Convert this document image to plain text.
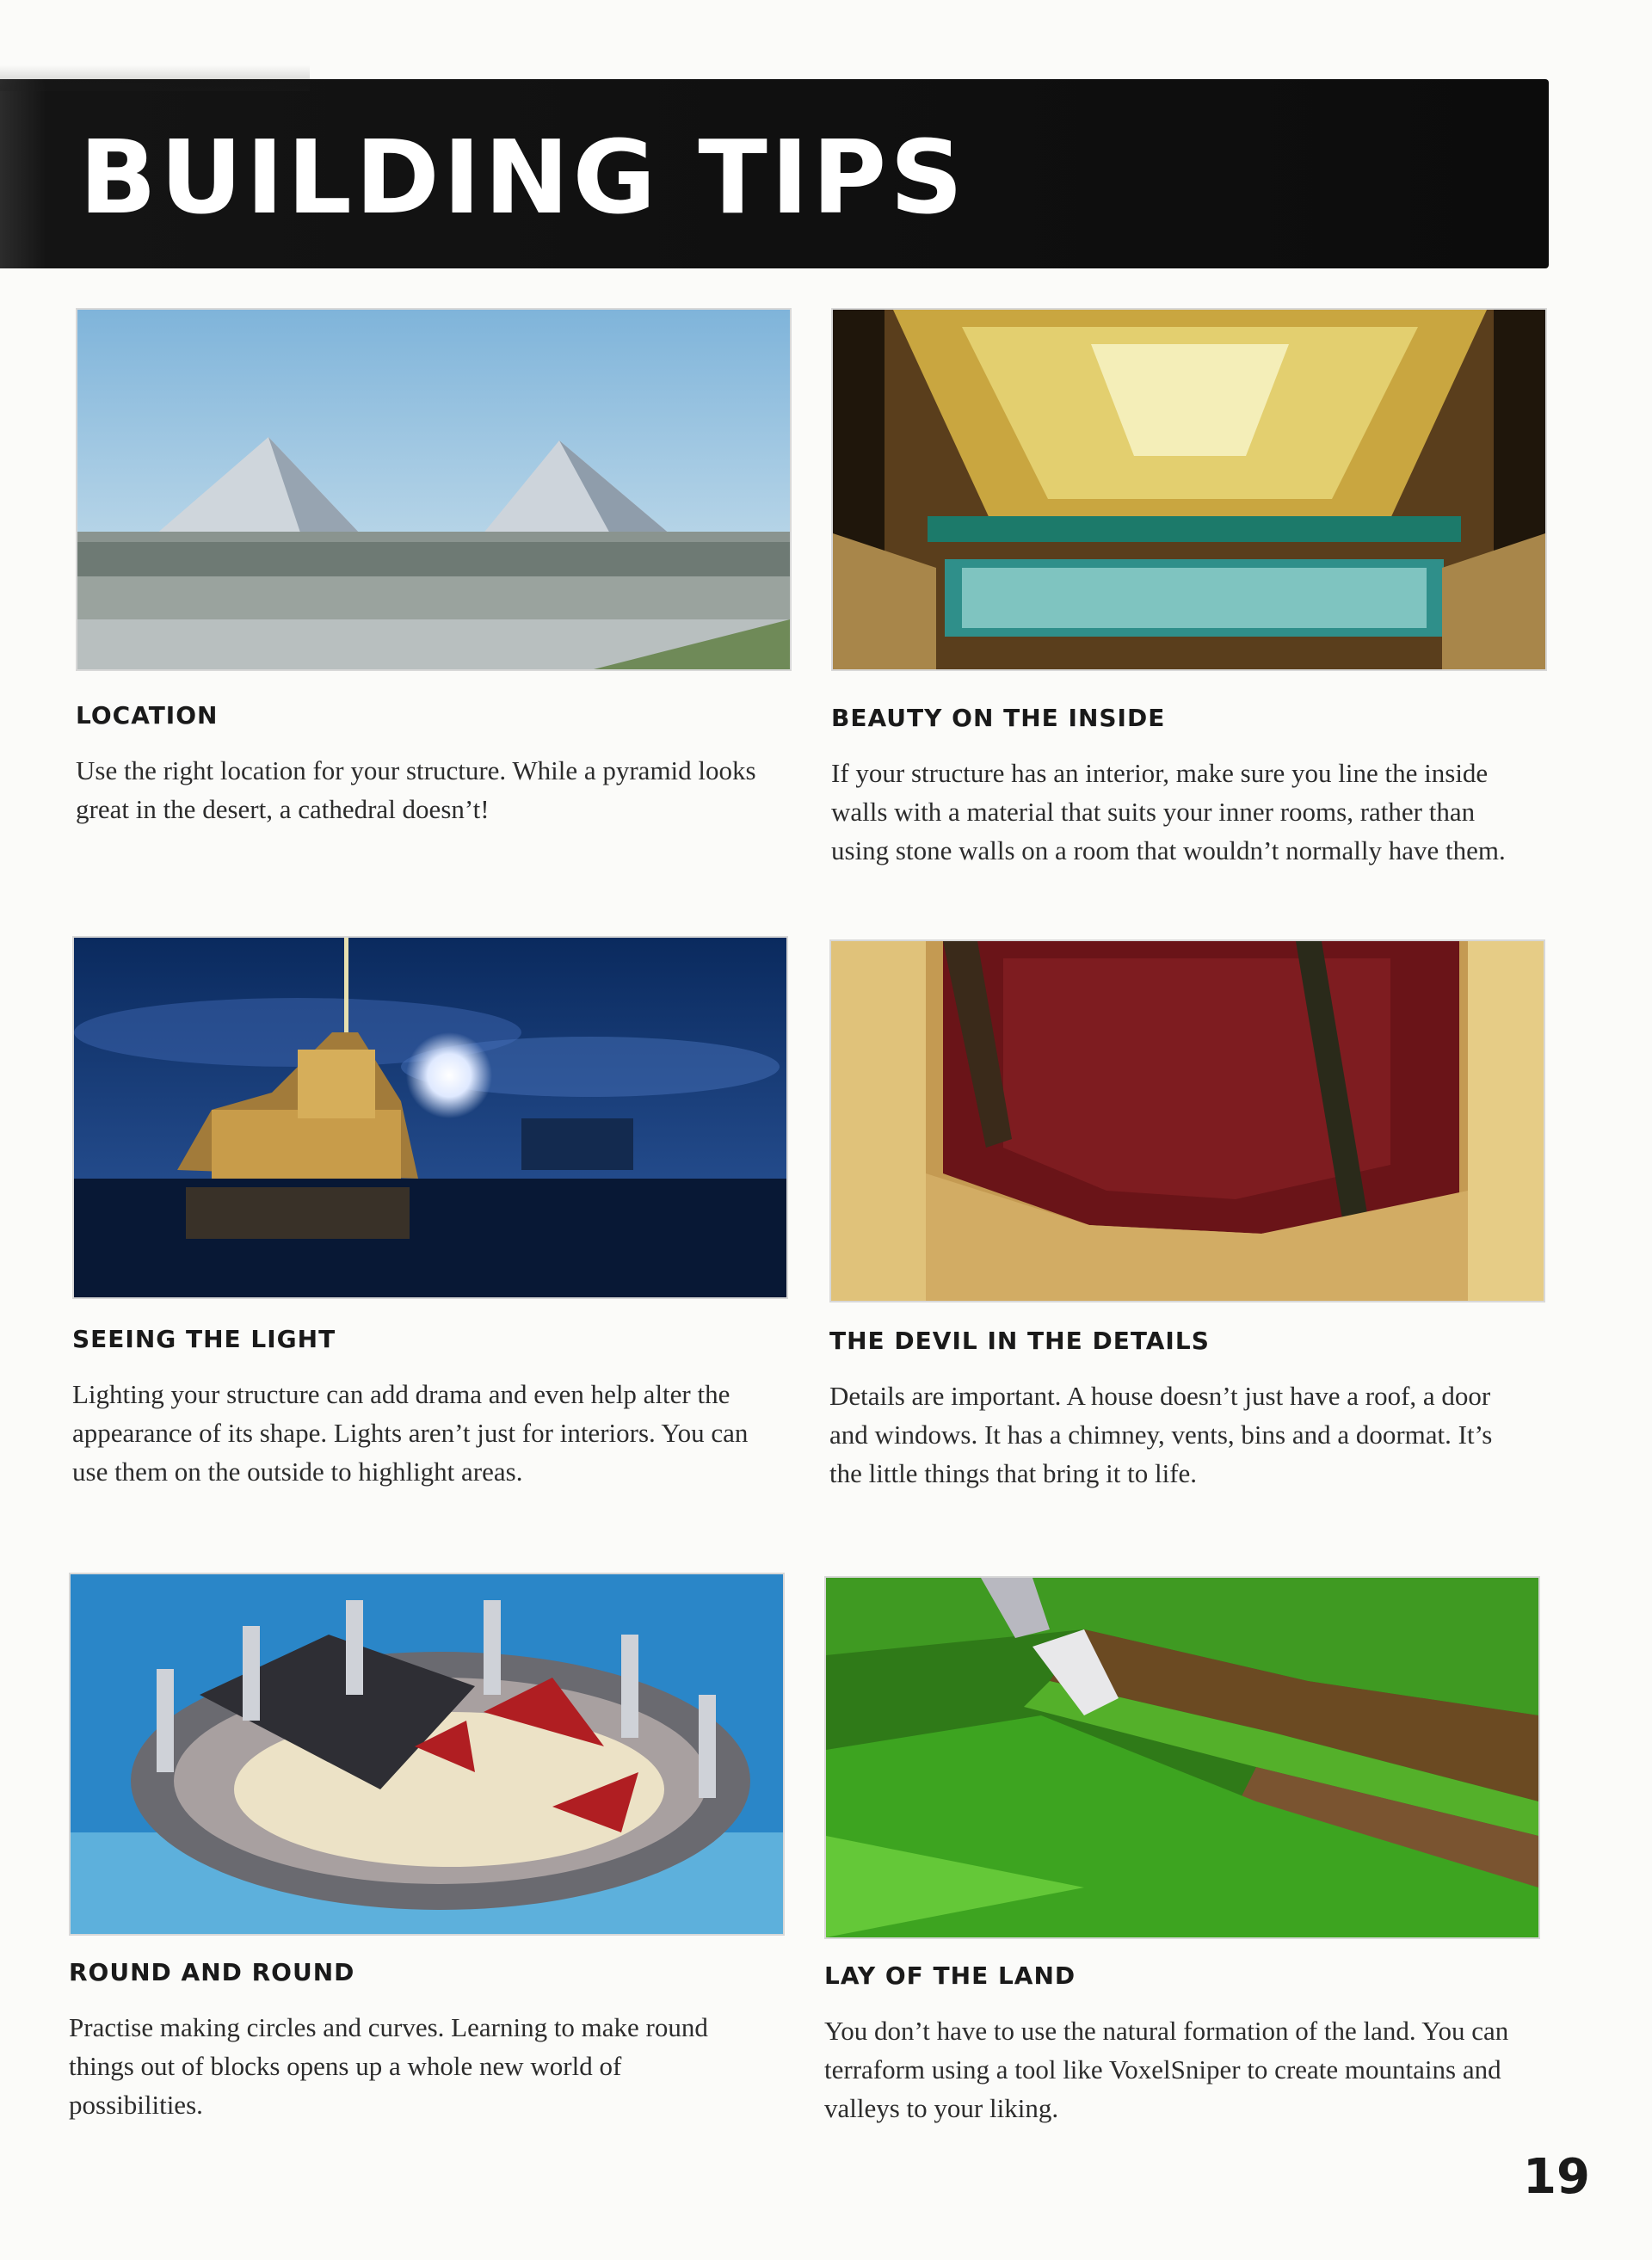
BUILDING TIPS
LOCATION
Use the right location for your structure. While a pyramid looks great in the desert, a cathedral doesn’t!
BEAUTY ON THE INSIDE
If your structure has an interior, make sure you line the inside walls with a material that suits your inner rooms, rather than using stone walls on a room that wouldn’t normally have them.
SEEING THE LIGHT
Lighting your structure can add drama and even help alter the appearance of its shape. Lights aren’t just for interiors. You can use them on the outside to highlight areas.
THE DEVIL IN THE DETAILS
Details are important. A house doesn’t just have a roof, a door and windows. It has a chimney, vents, bins and a doormat. It’s the little things that bring it to life.
ROUND AND ROUND
Practise making circles and curves. Learning to make round things out of blocks opens up a whole new world of possibilities.
LAY OF THE LAND
You don’t have to use the natural formation of the land. You can terraform using a tool like VoxelSniper to create mountains and valleys to your liking.
19
